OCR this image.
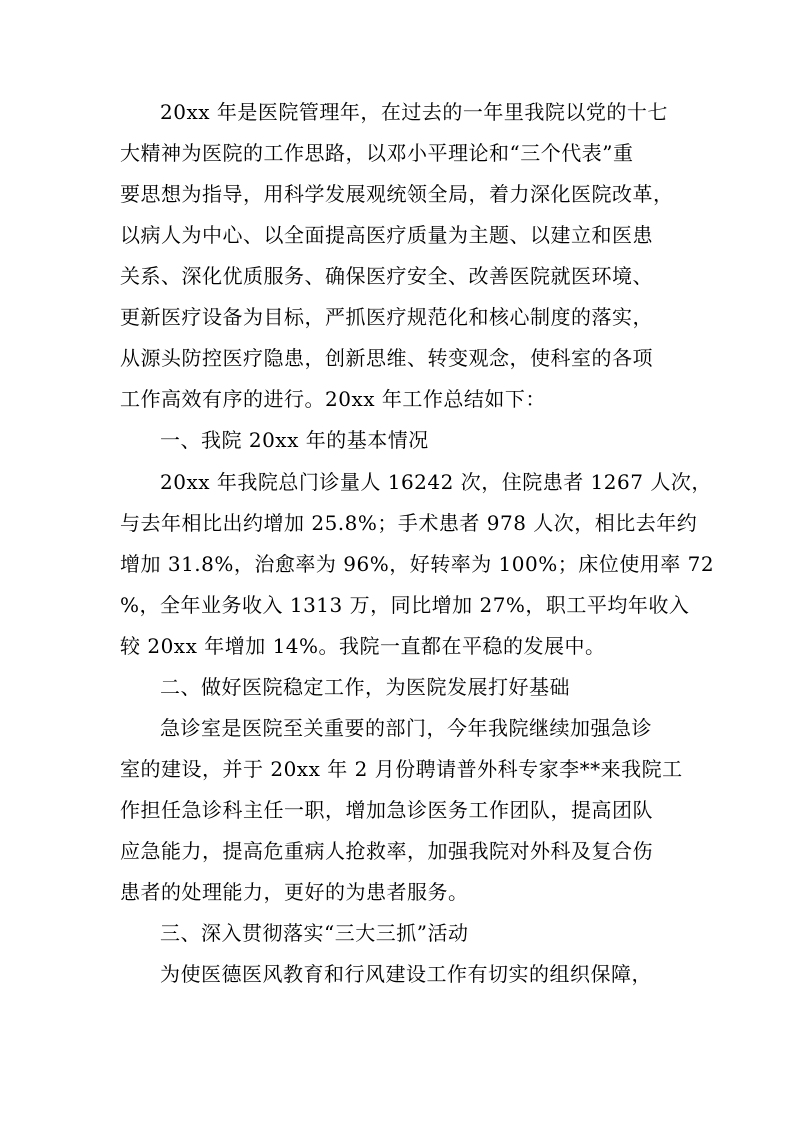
20xx 年是医院管理年，在过去的一年里我院以党的十七
大精神为医院的工作思路，以邓小平理论和“三个代表”重
要思想为指导，用科学发展观统领全局，着力深化医院改革，
以病人为中心、以全面提高医疗质量为主题、以建立和医患
关系、深化优质服务、确保医疗安全、改善医院就医环境、
更新医疗设备为目标，严抓医疗规范化和核心制度的落实，
从源头防控医疗隐患，创新思维、转变观念，使科室的各项
工作高效有序的进行。20xx 年工作总结如下：
一、我院 20xx 年的基本情况
20xx 年我院总门诊量人 16242 次，住院患者 1267 人次，
与去年相比出约增加 25.8%；手术患者 978 人次，相比去年约
增加 31.8%，治愈率为 96%，好转率为 100%；床位使用率 72
%，全年业务收入 1313 万，同比增加 27%，职工平均年收入
较 20xx 年增加 14%。我院一直都在平稳的发展中。
二、做好医院稳定工作，为医院发展打好基础
急诊室是医院至关重要的部门，今年我院继续加强急诊
室的建设，并于 20xx 年 2 月份聘请普外科专家李**来我院工
作担任急诊科主任一职，增加急诊医务工作团队，提高团队
应急能力，提高危重病人抢救率，加强我院对外科及复合伤
患者的处理能力，更好的为患者服务。
三、深入贯彻落实“三大三抓”活动
为使医德医风教育和行风建设工作有切实的组织保障，
